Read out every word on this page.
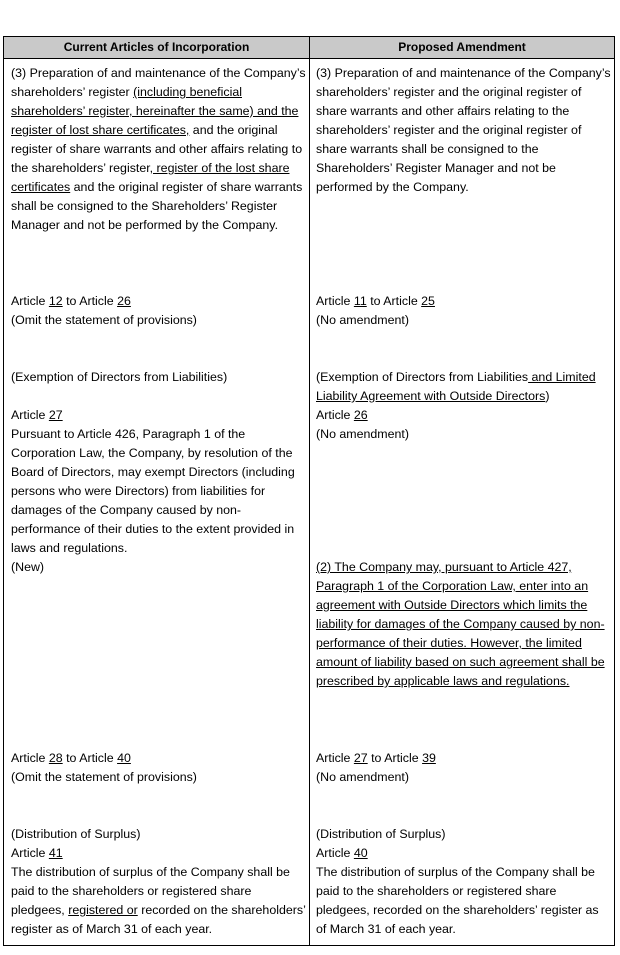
Current Articles of Incorporation	Proposed Amendment

(3) Preparation of and maintenance of the Company’s shareholders’ register (including beneficial shareholders’ register, hereinafter the same) and the register of lost share certificates, and the original register of share warrants and other affairs relating to the shareholders’ register, register of the lost share certificates and the original register of share warrants shall be consigned to the Shareholders’ Register Manager and not be performed by the Company.

(3) Preparation of and maintenance of the Company’s shareholders’ register and the original register of share warrants and other affairs relating to the shareholders’ register and the original register of share warrants shall be consigned to the Shareholders’ Register Manager and not be performed by the Company.

Article 12 to Article 26
(Omit the statement of provisions)

Article 11 to Article 25
(No amendment)

(Exemption of Directors from Liabilities)

Article 27
Pursuant to Article 426, Paragraph 1 of the Corporation Law, the Company, by resolution of the Board of Directors, may exempt Directors (including persons who were Directors) from liabilities for damages of the Company caused by non-performance of their duties to the extent provided in laws and regulations.

(New)

(Exemption of Directors from Liabilities and Limited Liability Agreement with Outside Directors)

Article 26
(No amendment)

(2) The Company may, pursuant to Article 427, Paragraph 1 of the Corporation Law, enter into an agreement with Outside Directors which limits the liability for damages of the Company caused by non-performance of their duties. However, the limited amount of liability based on such agreement shall be prescribed by applicable laws and regulations.

Article 28 to Article 40
(Omit the statement of provisions)

Article 27 to Article 39
(No amendment)

(Distribution of Surplus)
Article 41
The distribution of surplus of the Company shall be paid to the shareholders or registered share pledgees, registered or recorded on the shareholders’ register as of March 31 of each year.

(Distribution of Surplus)
Article 40
The distribution of surplus of the Company shall be paid to the shareholders or registered share pledgees, recorded on the shareholders’ register as of March 31 of each year.
